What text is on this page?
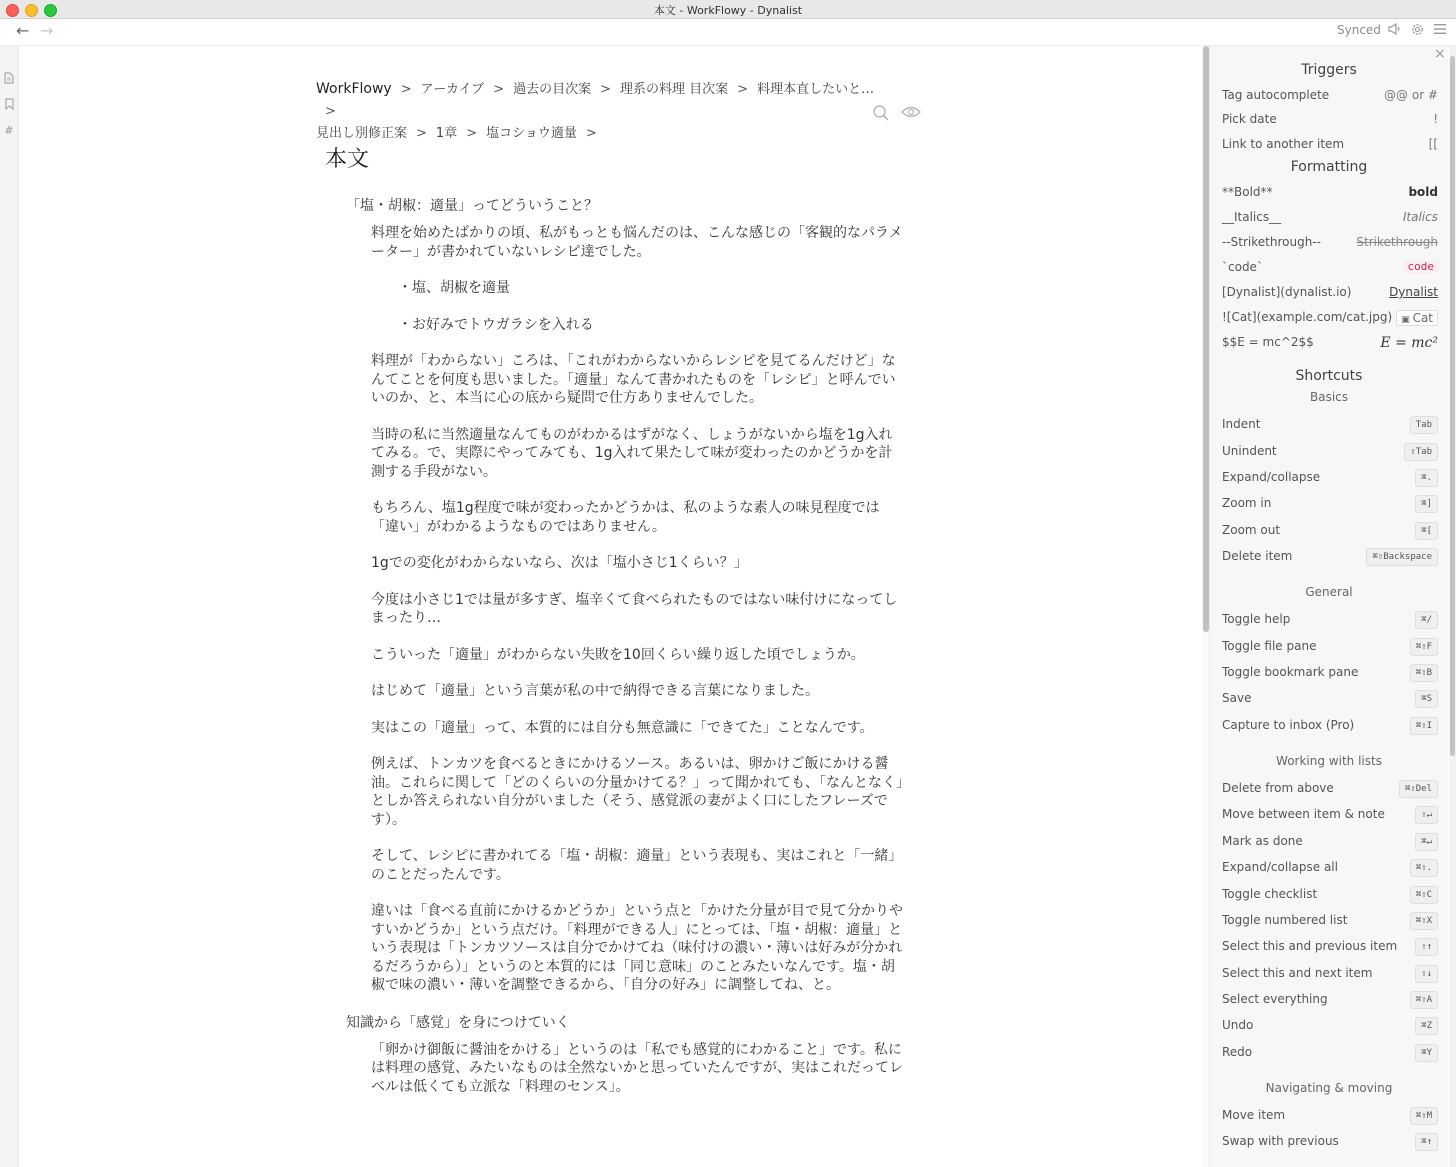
本文 - WorkFlowy - Dynalist
← →	Synced
#
WorkFlowy > アーカイブ > 過去の目次案 > 理系の料理 目次案 > 料理本直したいと…>
見出し別修正案 > 1章 > 塩コショウ適量 >
本文
「塩・胡椒：適量」ってどういうこと？
料理を始めたばかりの頃、私がもっとも悩んだのは、こんな感じの「客観的なパラメーター」が書かれていないレシピ達でした。
・塩、胡椒を適量
・お好みでトウガラシを入れる
料理が「わからない」ころは、「これがわからないからレシピを見てるんだけど」なんてことを何度も思いました。「適量」なんて書かれたものを「レシピ」と呼んでいいのか、と、本当に心の底から疑問で仕方ありませんでした。
当時の私に当然適量なんてものがわかるはずがなく、しょうがないから塩を1g入れてみる。で、実際にやってみても、1g入れて果たして味が変わったのかどうかを計測する手段がない。
もちろん、塩1g程度で味が変わったかどうかは、私のような素人の味見程度では「違い」がわかるようなものではありません。
1gでの変化がわからないなら、次は「塩小さじ1くらい？」
今度は小さじ1では量が多すぎ、塩辛くて食べられたものではない味付けになってしまったり…
こういった「適量」がわからない失敗を10回くらい繰り返した頃でしょうか。
はじめて「適量」という言葉が私の中で納得できる言葉になりました。
実はこの「適量」って、本質的には自分も無意識に「できてた」ことなんです。
例えば、トンカツを食べるときにかけるソース。あるいは、卵かけご飯にかける醤油。これらに関して「どのくらいの分量かけてる？」って聞かれても、「なんとなく」としか答えられない自分がいました（そう、感覚派の妻がよく口にしたフレーズです）。
そして、レシピに書かれてる「塩・胡椒：適量」という表現も、実はこれと「一緒」のことだったんです。
違いは「食べる直前にかけるかどうか」という点と「かけた分量が目で見て分かりやすいかどうか」という点だけ。「料理ができる人」にとっては、「塩・胡椒：適量」という表現は「トンカツソースは自分でかけてね（味付けの濃い・薄いは好みが分かれるだろうから）」というのと本質的には「同じ意味」のことみたいなんです。塩・胡椒で味の濃い・薄いを調整できるから、「自分の好み」に調整してね、と。
知識から「感覚」を身につけていく
「卵かけ御飯に醤油をかける」というのは「私でも感覚的にわかること」です。私には料理の感覚、みたいなものは全然ないかと思っていたんですが、実はこれだってレベルは低くても立派な「料理のセンス」。
×
Triggers
Tag autocomplete	@@ or #
Pick date	!
Link to another item	[[
Formatting
**Bold**	bold
__Italics__	Italics
--Strikethrough--	Strikethrough
`code`	code
[Dynalist](dynalist.io)	Dynalist
![Cat](example.com/cat.jpg)	▣ Cat
$$E = mc^2$$	E = mc²
Shortcuts
Basics
Indent	Tab
Unindent	⇧Tab
Expand/collapse	⌘.
Zoom in	⌘]
Zoom out	⌘[
Delete item	⌘⇧Backspace
General
Toggle help	⌘/
Toggle file pane	⌘⇧F
Toggle bookmark pane	⌘⇧B
Save	⌘S
Capture to inbox (Pro)	⌘⇧I
Working with lists
Delete from above	⌘⇧Del
Move between item & note	⇧↵
Mark as done	⌘↵
Expand/collapse all	⌘⇧.
Toggle checklist	⌘⇧C
Toggle numbered list	⌘⇧X
Select this and previous item	⇧↑
Select this and next item	⇧↓
Select everything	⌘⇧A
Undo	⌘Z
Redo	⌘Y
Navigating & moving
Move item	⌘⇧M
Swap with previous	⌘↑
